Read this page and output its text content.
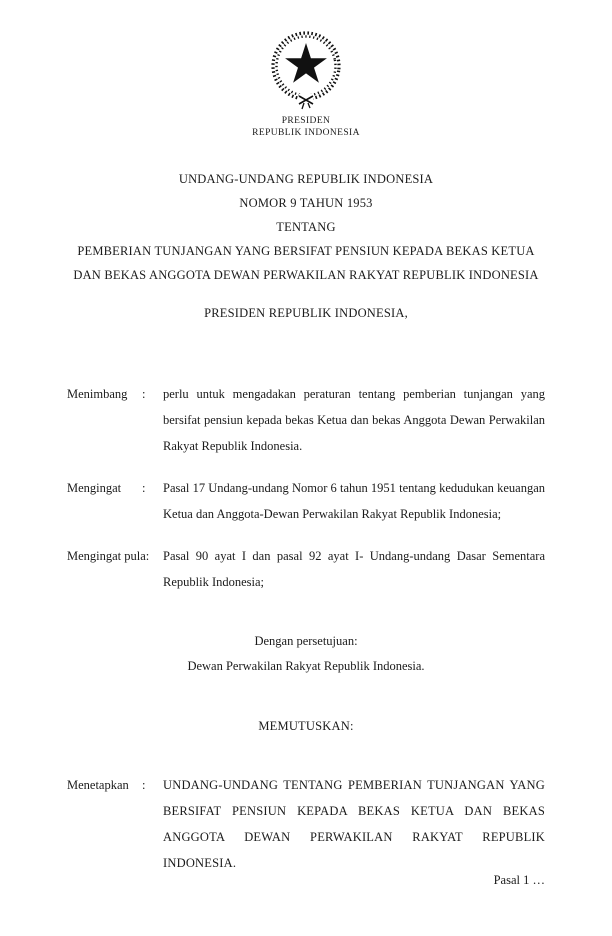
PRESIDEN
REPUBLIK INDONESIA
UNDANG-UNDANG REPUBLIK INDONESIA
NOMOR 9 TAHUN 1953
TENTANG
PEMBERIAN TUNJANGAN YANG BERSIFAT PENSIUN KEPADA BEKAS KETUA DAN BEKAS ANGGOTA DEWAN PERWAKILAN RAKYAT REPUBLIK INDONESIA
PRESIDEN REPUBLIK INDONESIA,
Menimbang	:	perlu untuk mengadakan peraturan tentang pemberian tunjangan yang bersifat pensiun kepada bekas Ketua dan bekas Anggota Dewan Perwakilan Rakyat Republik Indonesia.
Mengingat	:	Pasal 17 Undang-undang Nomor 6 tahun 1951 tentang kedudukan keuangan Ketua dan Anggota-Dewan Perwakilan Rakyat Republik Indonesia;
Mengingat pula: Pasal 90 ayat I dan pasal 92 ayat I- Undang-undang Dasar Sementara Republik Indonesia;
Dengan persetujuan:
Dewan Perwakilan Rakyat Republik Indonesia.
MEMUTUSKAN:
Menetapkan	:	UNDANG-UNDANG TENTANG PEMBERIAN TUNJANGAN YANG BERSIFAT PENSIUN KEPADA BEKAS KETUA DAN BEKAS ANGGOTA DEWAN PERWAKILAN RAKYAT REPUBLIK INDONESIA.
Pasal 1 …
